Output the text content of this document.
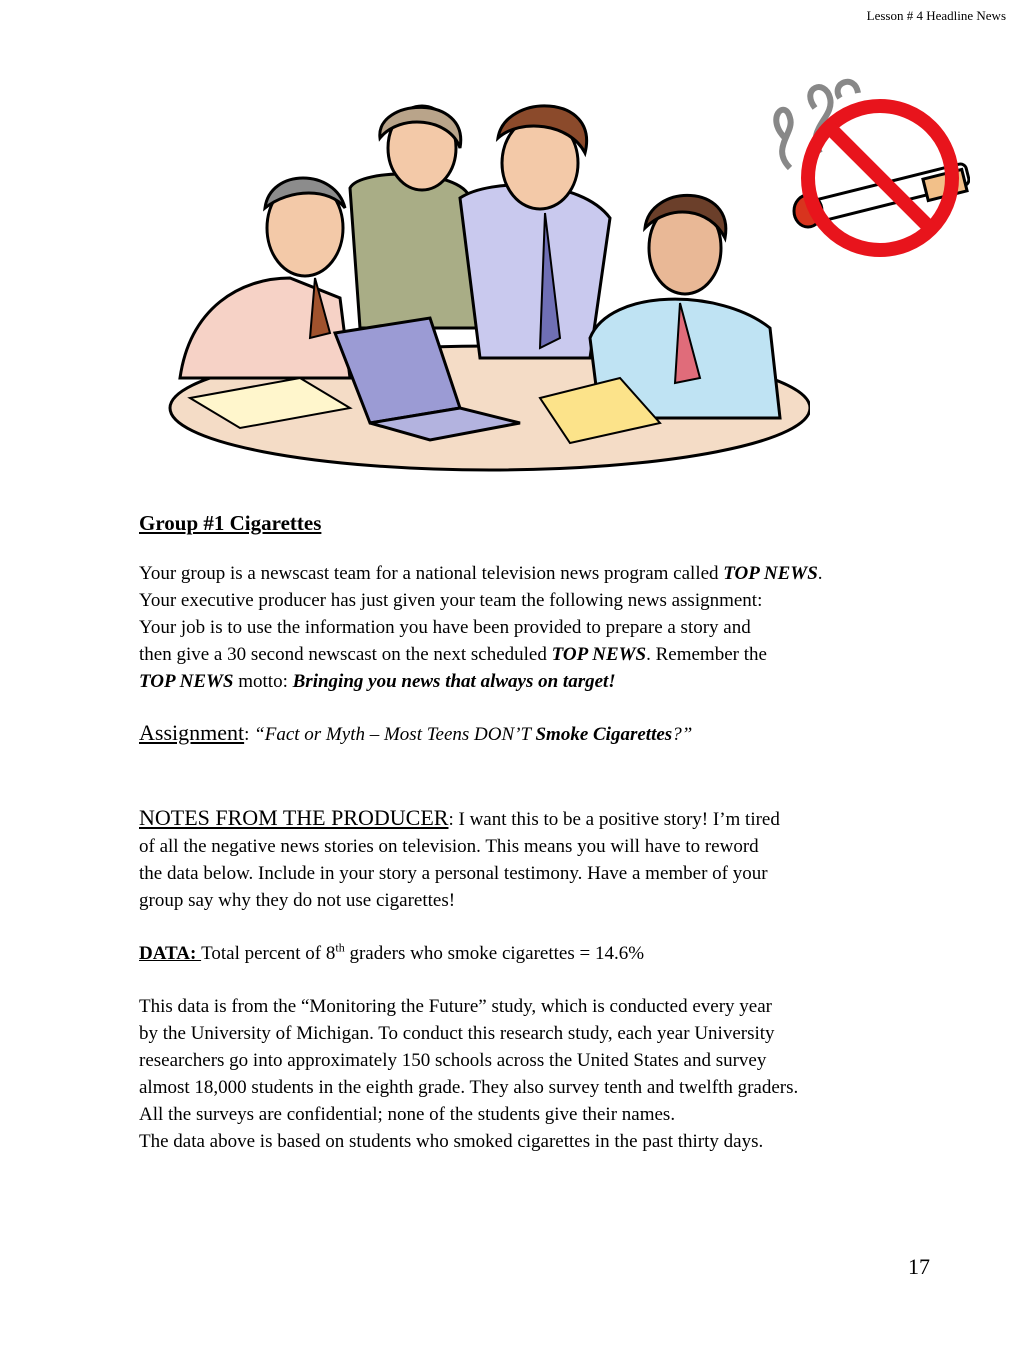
Lesson # 4 Headline News
Group #1 Cigarettes

Your group is a newscast team for a national television news program called TOP NEWS.
Your executive producer has just given your team the following news assignment:
Your job is to use the information you have been provided to prepare a story and
then give a 30 second newscast on the next scheduled TOP NEWS. Remember the
TOP NEWS motto: Bringing you news that always on target!

Assignment: “Fact or Myth – Most Teens DON’T Smoke Cigarettes?”

NOTES FROM THE PRODUCER: I want this to be a positive story! I’m tired
of all the negative news stories on television. This means you will have to reword
the data below. Include in your story a personal testimony. Have a member of your
group say why they do not use cigarettes!

DATA: Total percent of 8th graders who smoke cigarettes = 14.6%

This data is from the “Monitoring the Future” study, which is conducted every year
by the University of Michigan. To conduct this research study, each year University
researchers go into approximately 150 schools across the United States and survey
almost 18,000 students in the eighth grade. They also survey tenth and twelfth graders.
All the surveys are confidential; none of the students give their names.
The data above is based on students who smoked cigarettes in the past thirty days.

17
